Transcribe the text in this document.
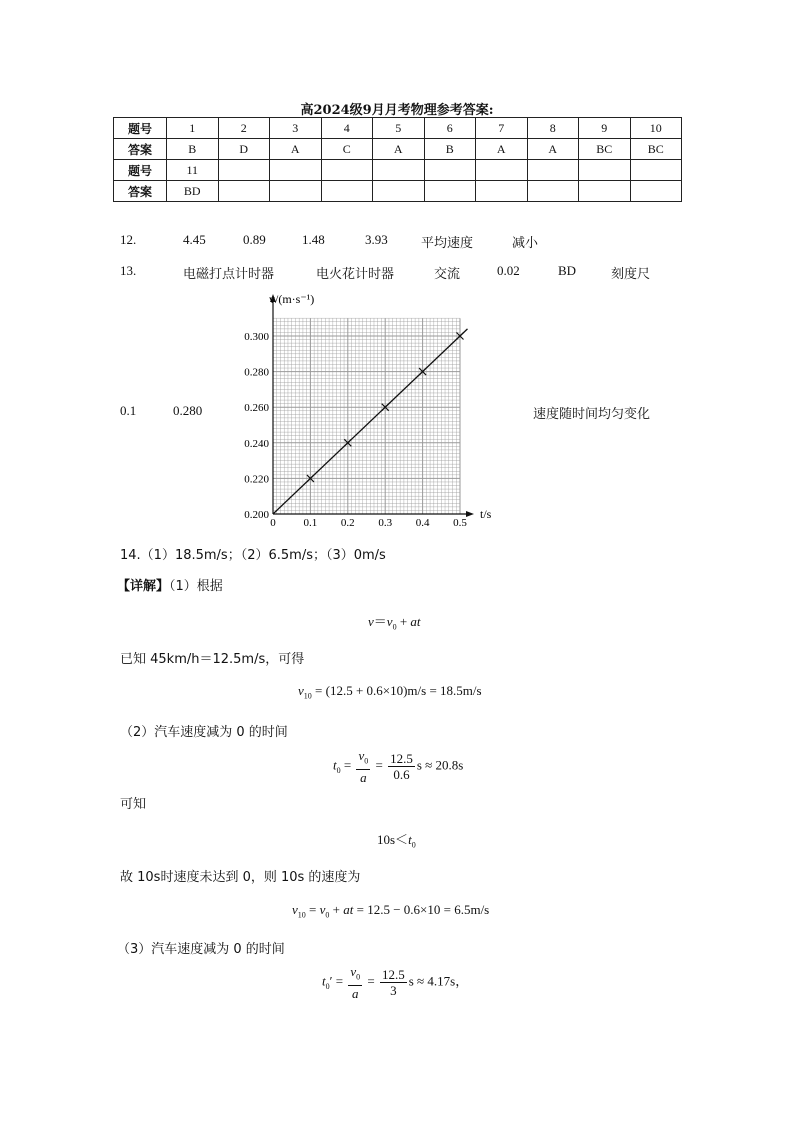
高2024级9月月考物理参考答案:
题号	1	2	3	4	5	6	7	8	9	10
答案	B	D	A	C	A	B	A	A	BC	BC
题号	11									
答案	BD									
12.	4.45	0.89	1.48	3.93	平均速度	减小
13.	电磁打点计时器	电火花计时器	交流	0.02	BD	刻度尺
0.1	0.280	速度随时间均匀变化
0	0.1 0.2 0.3 0.4 0.5
0.200
0.220
0.240
0.260
0.280
0.300
v/(m·s⁻¹)
t/s
14.（1）18.5m/s；（2）6.5m/s；（3）0m/s
【详解】（1）根据
$v=v_0$ + at
已知 45km/h＝12.5m/s，可得
$v_{10} = (12.5 + 0.6\times 10)m/s = 18.5m/s$
（2）汽车速度减为 0 的时间
$t_0 = \frac{v_0}{a} = \frac{12.5}{0.6}$ s ≈ 20.8s
可知
$10s<t_0$
故 10s时速度未达到 0，则 10s 的速度为
$v_{10} = v_0$ + at = 12.5 − 0.6×10 = 6.5m/s
（3）汽车速度减为 0 的时间
$t_0' = \frac{v_0}{a} = \frac{12.5}{3}$ s ≈ 4.17s，
